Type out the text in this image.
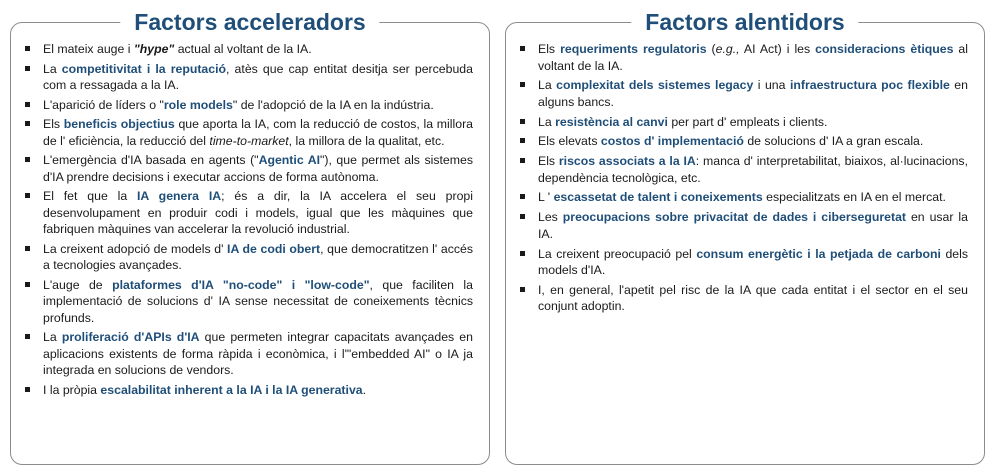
Factors acceleradors
El mateix auge i "hype" actual al voltant de la IA.
La competitivitat i la reputació, atès que cap entitat desitja ser percebuda com a ressagada a la IA.
L'aparició de líders o "role models" de l'adopció de la IA en la indústria.
Els beneficis objectius que aporta la IA, com la reducció de costos, la millora de l' eficiència, la reducció del time-to-market, la millora de la qualitat, etc.
L'emergència d'IA basada en agents ("Agentic AI"), que permet als sistemes d'IA prendre decisions i executar accions de forma autònoma.
El fet que la IA genera IA; és a dir, la IA accelera el seu propi desenvolupament en produir codi i models, igual que les màquines que fabriquen màquines van accelerar la revolució industrial.
La creixent adopció de models d' IA de codi obert, que democratitzen l' accés a tecnologies avançades.
L'auge de plataformes d'IA "no-code" i "low-code", que faciliten la implementació de solucions d' IA sense necessitat de coneixements tècnics profunds.
La proliferació d'APIs d'IA que permeten integrar capacitats avançades en aplicacions existents de forma ràpida i econòmica, i l'"embedded AI" o IA ja integrada en solucions de vendors.
I la pròpia escalabilitat inherent a la IA i la IA generativa.
Factors alentidors
Els requeriments regulatoris (e.g., AI Act) i les consideracions ètiques al voltant de la IA.
La complexitat dels sistemes legacy i una infraestructura poc flexible en alguns bancs.
La resistència al canvi per part d' empleats i clients.
Els elevats costos d' implementació de solucions d' IA a gran escala.
Els riscos associats a la IA: manca d' interpretabilitat, biaixos, al·lucinacions, dependència tecnològica, etc.
L ' escassetat de talent i coneixements especialitzats en IA en el mercat.
Les preocupacions sobre privacitat de dades i ciberseguretat en usar la IA.
La creixent preocupació pel consum energètic i la petjada de carboni dels models d'IA.
I, en general, l'apetit pel risc de la IA que cada entitat i el sector en el seu conjunt adoptin.
